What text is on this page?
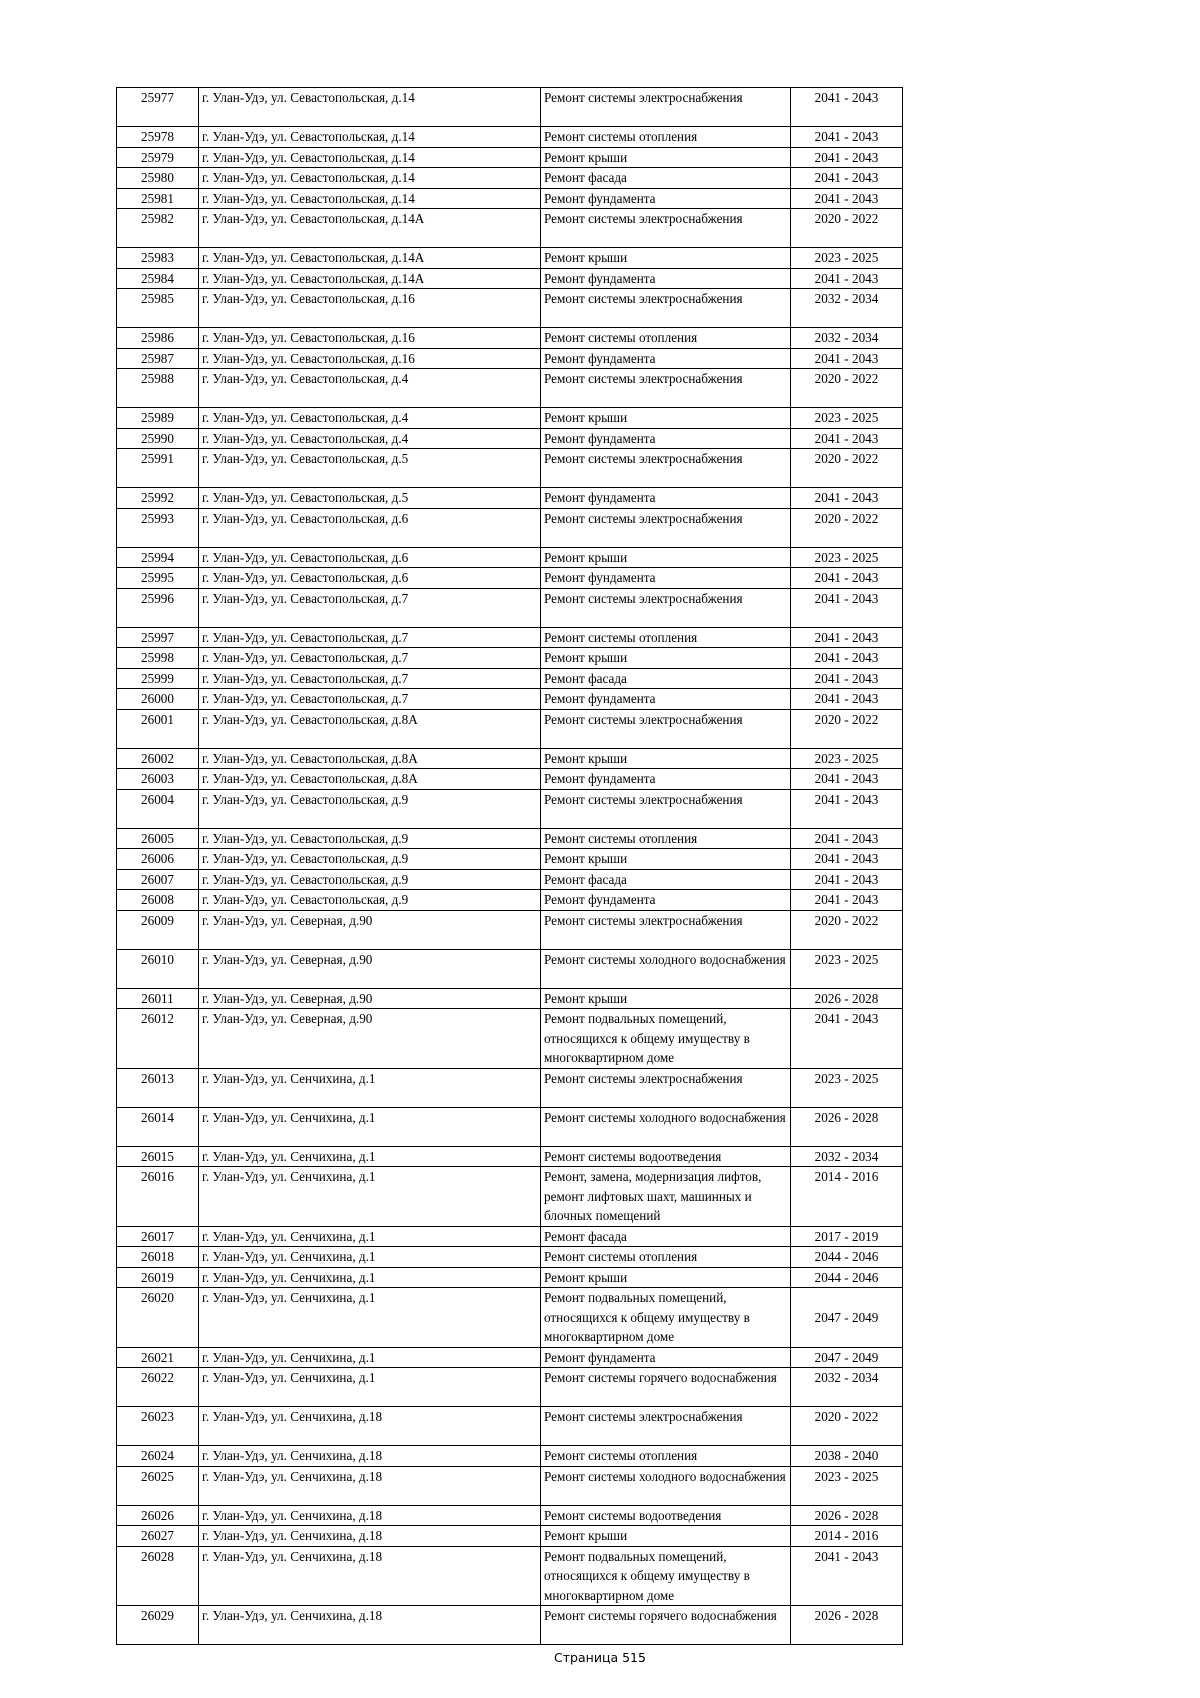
25977	г. Улан-Удэ, ул. Севастопольская, д.14	Ремонт системы электроснабжения	2041 - 2043
25978	г. Улан-Удэ, ул. Севастопольская, д.14	Ремонт системы отопления	2041 - 2043
25979	г. Улан-Удэ, ул. Севастопольская, д.14	Ремонт крыши	2041 - 2043
25980	г. Улан-Удэ, ул. Севастопольская, д.14	Ремонт фасада	2041 - 2043
25981	г. Улан-Удэ, ул. Севастопольская, д.14	Ремонт фундамента	2041 - 2043
25982	г. Улан-Удэ, ул. Севастопольская, д.14А	Ремонт системы электроснабжения	2020 - 2022
25983	г. Улан-Удэ, ул. Севастопольская, д.14А	Ремонт крыши	2023 - 2025
25984	г. Улан-Удэ, ул. Севастопольская, д.14А	Ремонт фундамента	2041 - 2043
25985	г. Улан-Удэ, ул. Севастопольская, д.16	Ремонт системы электроснабжения	2032 - 2034
25986	г. Улан-Удэ, ул. Севастопольская, д.16	Ремонт системы отопления	2032 - 2034
25987	г. Улан-Удэ, ул. Севастопольская, д.16	Ремонт фундамента	2041 - 2043
25988	г. Улан-Удэ, ул. Севастопольская, д.4	Ремонт системы электроснабжения	2020 - 2022
25989	г. Улан-Удэ, ул. Севастопольская, д.4	Ремонт крыши	2023 - 2025
25990	г. Улан-Удэ, ул. Севастопольская, д.4	Ремонт фундамента	2041 - 2043
25991	г. Улан-Удэ, ул. Севастопольская, д.5	Ремонт системы электроснабжения	2020 - 2022
25992	г. Улан-Удэ, ул. Севастопольская, д.5	Ремонт фундамента	2041 - 2043
25993	г. Улан-Удэ, ул. Севастопольская, д.6	Ремонт системы электроснабжения	2020 - 2022
25994	г. Улан-Удэ, ул. Севастопольская, д.6	Ремонт крыши	2023 - 2025
25995	г. Улан-Удэ, ул. Севастопольская, д.6	Ремонт фундамента	2041 - 2043
25996	г. Улан-Удэ, ул. Севастопольская, д.7	Ремонт системы электроснабжения	2041 - 2043
25997	г. Улан-Удэ, ул. Севастопольская, д.7	Ремонт системы отопления	2041 - 2043
25998	г. Улан-Удэ, ул. Севастопольская, д.7	Ремонт крыши	2041 - 2043
25999	г. Улан-Удэ, ул. Севастопольская, д.7	Ремонт фасада	2041 - 2043
26000	г. Улан-Удэ, ул. Севастопольская, д.7	Ремонт фундамента	2041 - 2043
26001	г. Улан-Удэ, ул. Севастопольская, д.8А	Ремонт системы электроснабжения	2020 - 2022
26002	г. Улан-Удэ, ул. Севастопольская, д.8А	Ремонт крыши	2023 - 2025
26003	г. Улан-Удэ, ул. Севастопольская, д.8А	Ремонт фундамента	2041 - 2043
26004	г. Улан-Удэ, ул. Севастопольская, д.9	Ремонт системы электроснабжения	2041 - 2043
26005	г. Улан-Удэ, ул. Севастопольская, д.9	Ремонт системы отопления	2041 - 2043
26006	г. Улан-Удэ, ул. Севастопольская, д.9	Ремонт крыши	2041 - 2043
26007	г. Улан-Удэ, ул. Севастопольская, д.9	Ремонт фасада	2041 - 2043
26008	г. Улан-Удэ, ул. Севастопольская, д.9	Ремонт фундамента	2041 - 2043
26009	г. Улан-Удэ, ул. Северная, д.90	Ремонт системы электроснабжения	2020 - 2022
26010	г. Улан-Удэ, ул. Северная, д.90	Ремонт системы холодного водоснабжения	2023 - 2025
26011	г. Улан-Удэ, ул. Северная, д.90	Ремонт крыши	2026 - 2028
26012	г. Улан-Удэ, ул. Северная, д.90	Ремонт подвальных помещений, относящихся к общему имуществу в многоквартирном доме	2041 - 2043
26013	г. Улан-Удэ, ул. Сенчихина, д.1	Ремонт системы электроснабжения	2023 - 2025
26014	г. Улан-Удэ, ул. Сенчихина, д.1	Ремонт системы холодного водоснабжения	2026 - 2028
26015	г. Улан-Удэ, ул. Сенчихина, д.1	Ремонт системы водоотведения	2032 - 2034
26016	г. Улан-Удэ, ул. Сенчихина, д.1	Ремонт, замена, модернизация лифтов, ремонт лифтовых шахт, машинных и блочных помещений	2014 - 2016
26017	г. Улан-Удэ, ул. Сенчихина, д.1	Ремонт фасада	2017 - 2019
26018	г. Улан-Удэ, ул. Сенчихина, д.1	Ремонт системы отопления	2044 - 2046
26019	г. Улан-Удэ, ул. Сенчихина, д.1	Ремонт крыши	2044 - 2046
26020	г. Улан-Удэ, ул. Сенчихина, д.1	Ремонт подвальных помещений, относящихся к общему имуществу в многоквартирном доме	2047 - 2049
26021	г. Улан-Удэ, ул. Сенчихина, д.1	Ремонт фундамента	2047 - 2049
26022	г. Улан-Удэ, ул. Сенчихина, д.1	Ремонт системы горячего водоснабжения	2032 - 2034
26023	г. Улан-Удэ, ул. Сенчихина, д.18	Ремонт системы электроснабжения	2020 - 2022
26024	г. Улан-Удэ, ул. Сенчихина, д.18	Ремонт системы отопления	2038 - 2040
26025	г. Улан-Удэ, ул. Сенчихина, д.18	Ремонт системы холодного водоснабжения	2023 - 2025
26026	г. Улан-Удэ, ул. Сенчихина, д.18	Ремонт системы водоотведения	2026 - 2028
26027	г. Улан-Удэ, ул. Сенчихина, д.18	Ремонт крыши	2014 - 2016
26028	г. Улан-Удэ, ул. Сенчихина, д.18	Ремонт подвальных помещений, относящихся к общему имуществу в многоквартирном доме	2041 - 2043
26029	г. Улан-Удэ, ул. Сенчихина, д.18	Ремонт системы горячего водоснабжения	2026 - 2028
Страница 515
